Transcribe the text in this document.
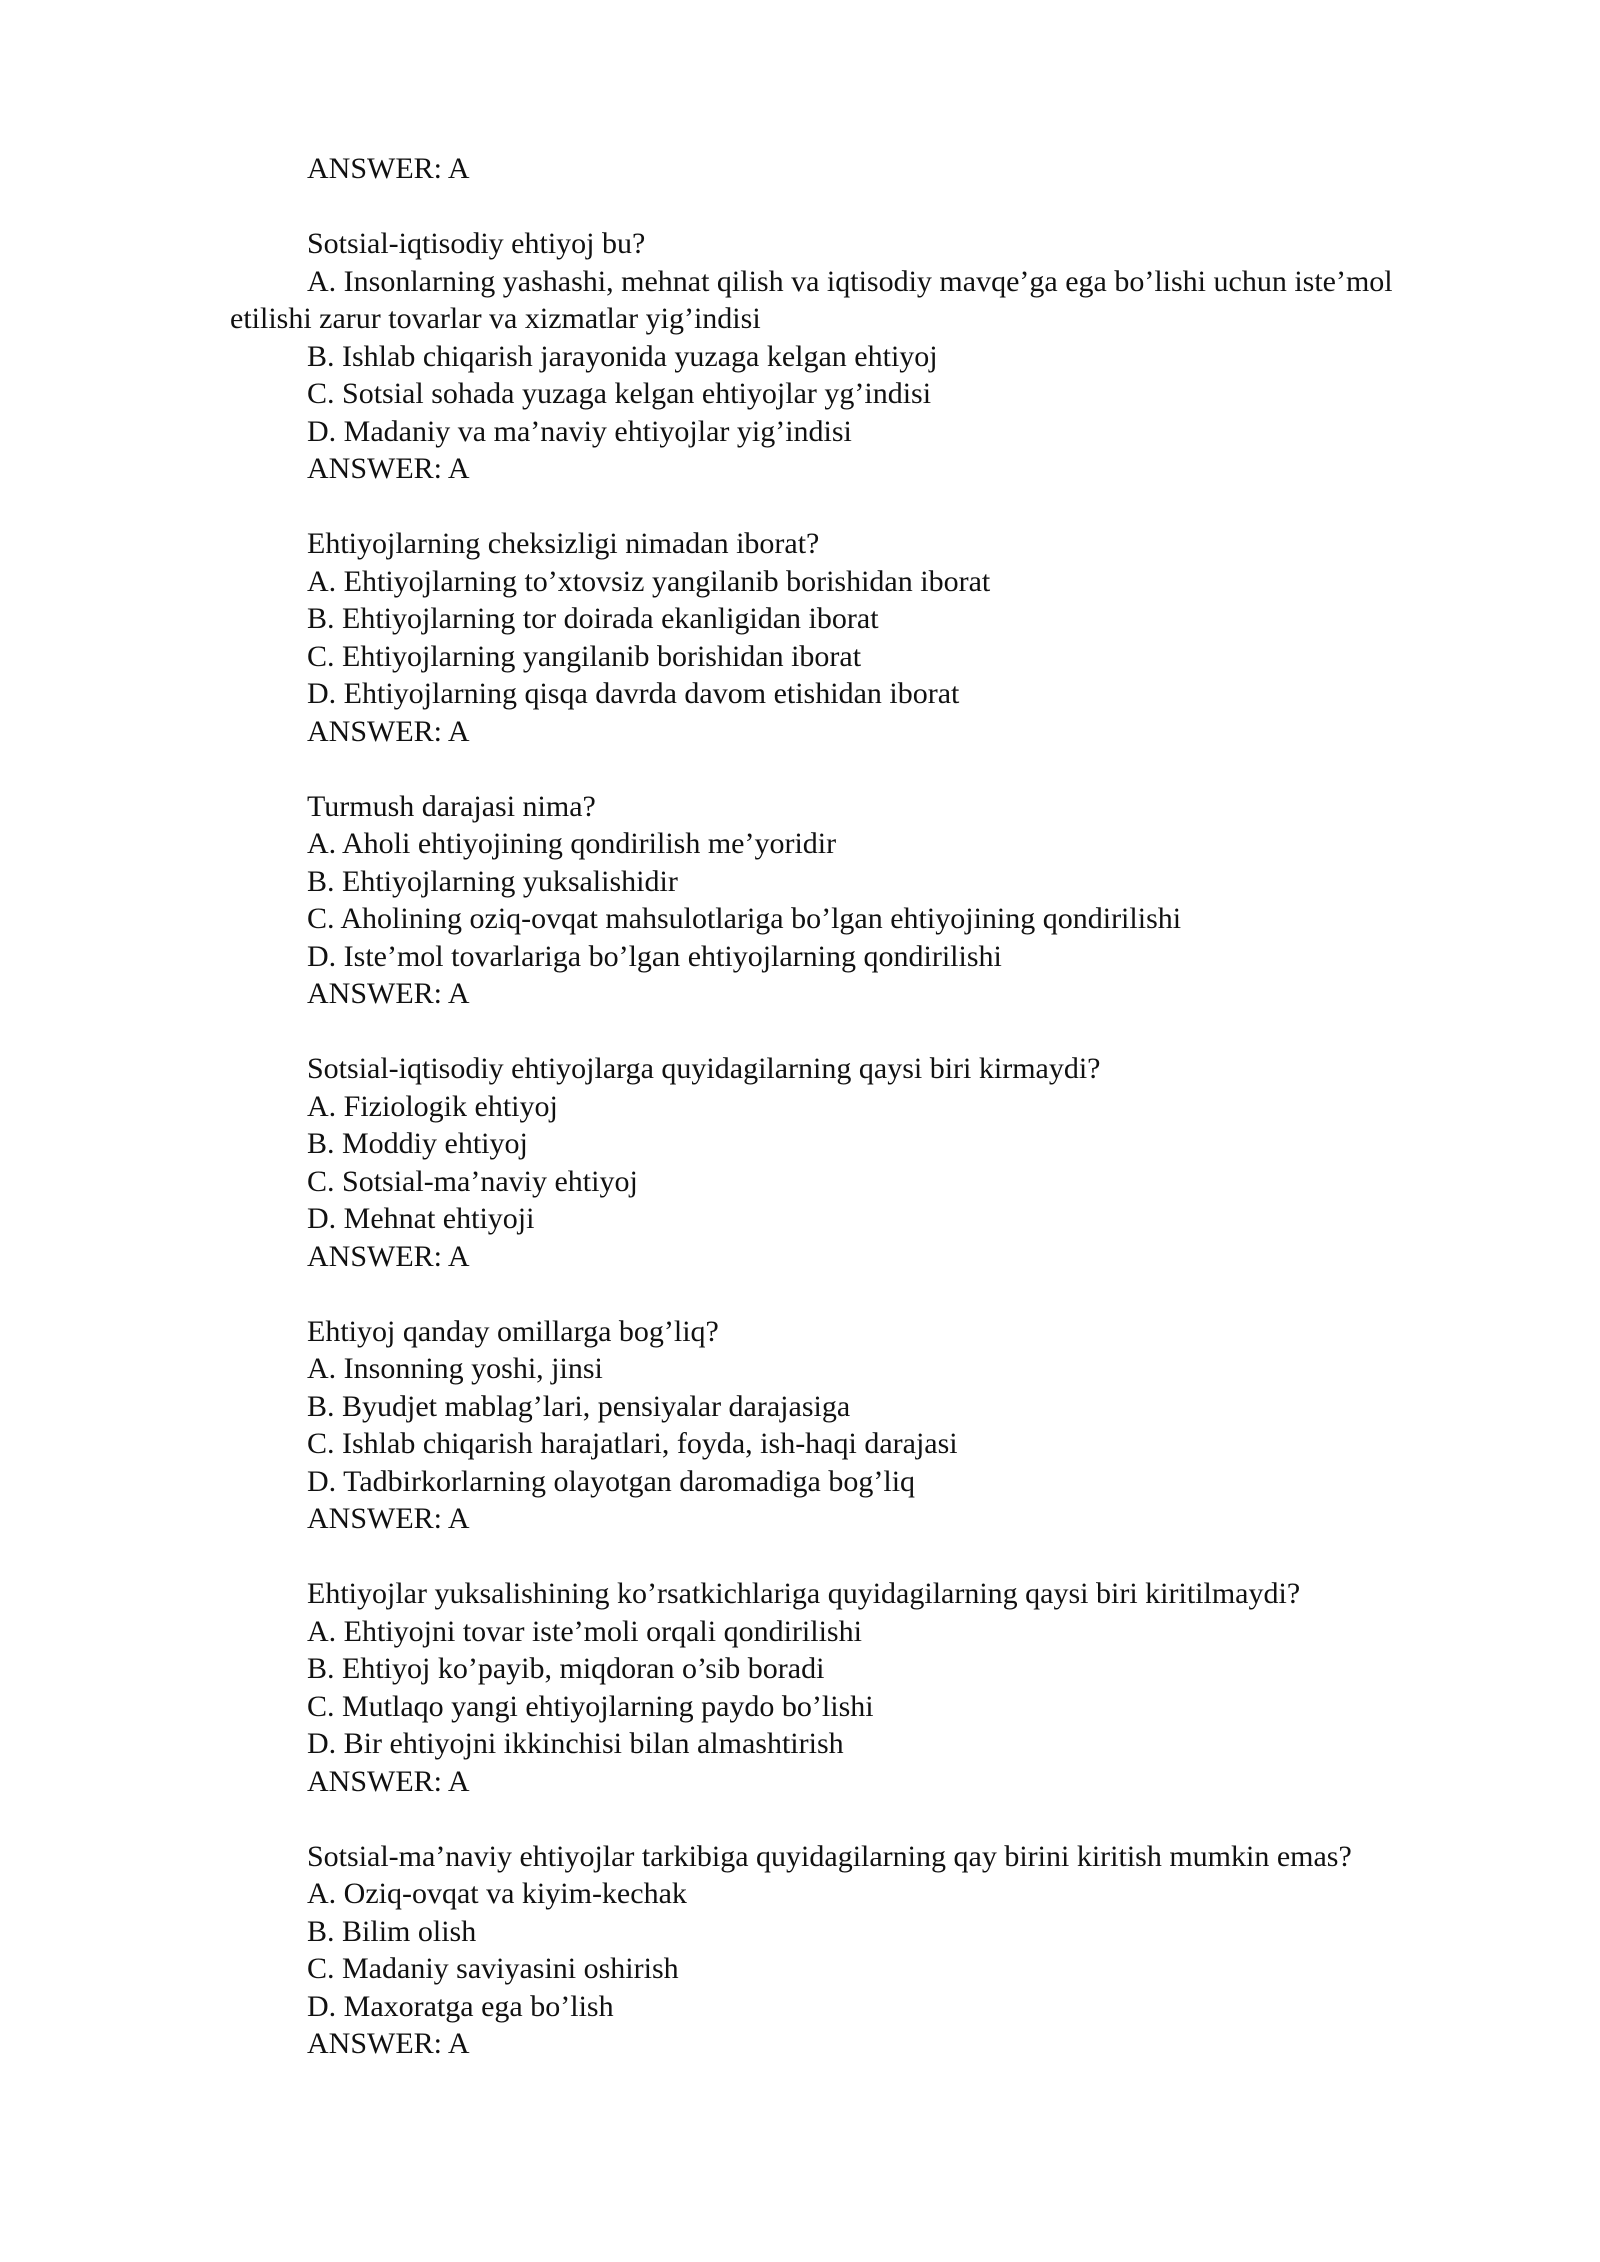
ANSWER: A
Sotsial-iqtisodiy ehtiyoj bu?
A. Insonlarning yashashi, mehnat qilish va iqtisodiy mavqe’ga ega bo’lishi uchun iste’mol
etilishi zarur tovarlar va xizmatlar yig’indisi
B. Ishlab chiqarish jarayonida yuzaga kelgan ehtiyoj
C. Sotsial sohada yuzaga kelgan ehtiyojlar yg’indisi
D. Madaniy va ma’naviy ehtiyojlar yig’indisi
ANSWER: A
Ehtiyojlarning cheksizligi nimadan iborat?
A. Ehtiyojlarning to’xtovsiz yangilanib borishidan iborat
B. Ehtiyojlarning tor doirada ekanligidan iborat
C. Ehtiyojlarning yangilanib borishidan iborat
D. Ehtiyojlarning qisqa davrda davom etishidan iborat
ANSWER: A
Turmush darajasi nima?
A. Aholi ehtiyojining qondirilish me’yoridir
B. Ehtiyojlarning yuksalishidir
C. Aholining oziq-ovqat mahsulotlariga bo’lgan ehtiyojining qondirilishi
D. Iste’mol tovarlariga bo’lgan ehtiyojlarning qondirilishi
ANSWER: A
Sotsial-iqtisodiy ehtiyojlarga quyidagilarning qaysi biri kirmaydi?
A. Fiziologik ehtiyoj
B. Moddiy ehtiyoj
C. Sotsial-ma’naviy ehtiyoj
D. Mehnat ehtiyoji
ANSWER: A
Ehtiyoj qanday omillarga bog’liq?
A. Insonning yoshi, jinsi
B. Byudjet mablag’lari, pensiyalar darajasiga
C. Ishlab chiqarish harajatlari, foyda, ish-haqi darajasi
D. Tadbirkorlarning olayotgan daromadiga bog’liq
ANSWER: A
Ehtiyojlar yuksalishining ko’rsatkichlariga quyidagilarning qaysi biri kiritilmaydi?
A. Ehtiyojni tovar iste’moli orqali qondirilishi
B. Ehtiyoj ko’payib, miqdoran o’sib boradi
C. Mutlaqo yangi ehtiyojlarning paydo bo’lishi
D. Bir ehtiyojni ikkinchisi bilan almashtirish
ANSWER: A
Sotsial-ma’naviy ehtiyojlar tarkibiga quyidagilarning qay birini kiritish mumkin emas?
A. Oziq-ovqat va kiyim-kechak
B. Bilim olish
C. Madaniy saviyasini oshirish
D. Maxoratga ega bo’lish
ANSWER: A
